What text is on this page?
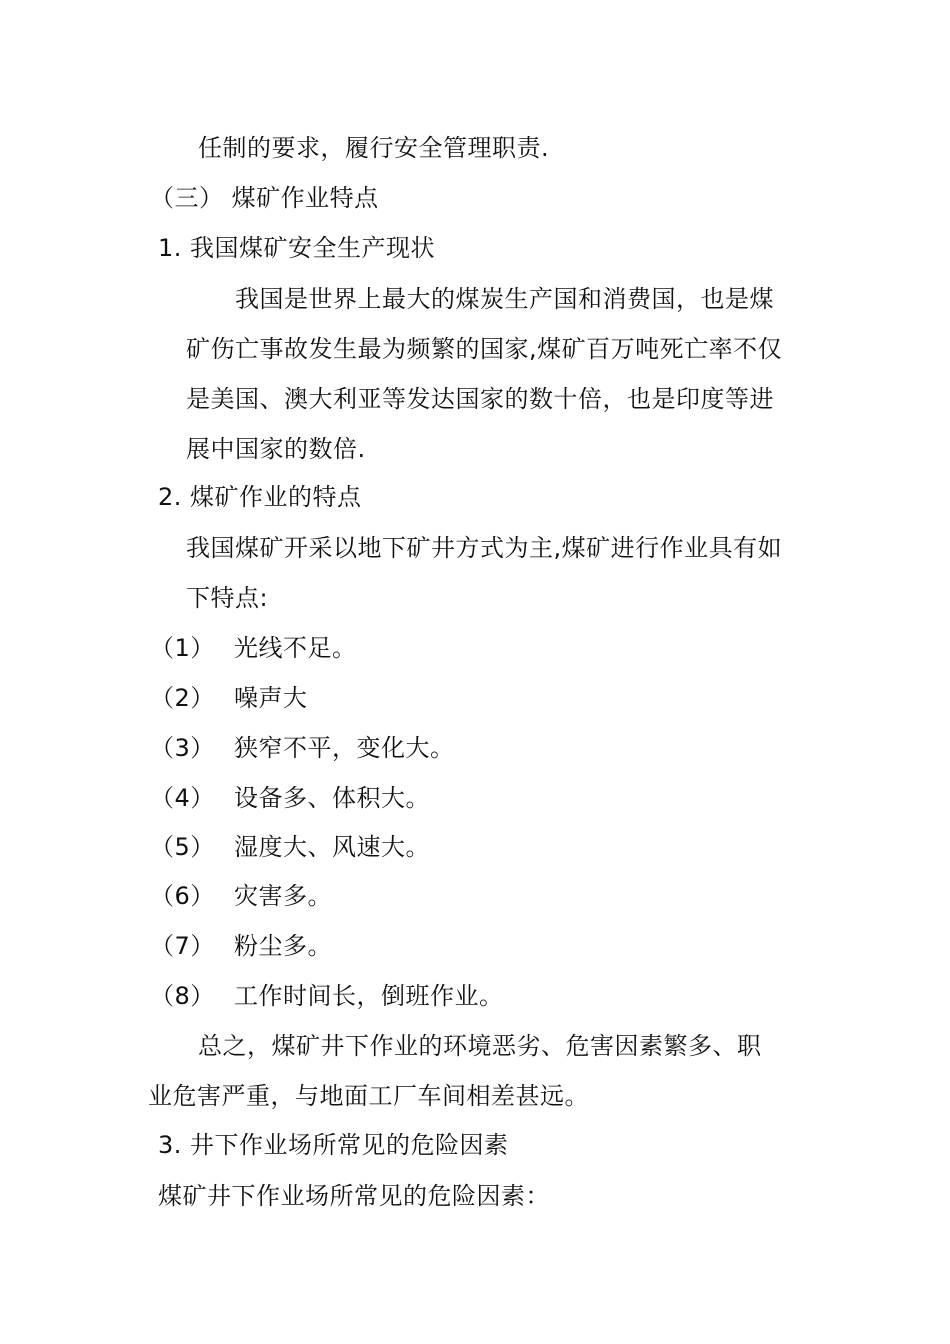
任制的要求，履行安全管理职责.
（三） 煤矿作业特点
1. 我国煤矿安全生产现状
我国是世界上最大的煤炭生产国和消费国，也是煤
矿伤亡事故发生最为频繁的国家,煤矿百万吨死亡率不仅
是美国、澳大利亚等发达国家的数十倍，也是印度等进
展中国家的数倍.
2. 煤矿作业的特点
我国煤矿开采以地下矿井方式为主,煤矿进行作业具有如
下特点:
（1） 光线不足。
（2） 噪声大
（3） 狭窄不平，变化大。
（4） 设备多、体积大。
（5） 湿度大、风速大。
（6） 灾害多。
（7） 粉尘多。
（8） 工作时间长，倒班作业。
总之，煤矿井下作业的环境恶劣、危害因素繁多、职
业危害严重，与地面工厂车间相差甚远。
3. 井下作业场所常见的危险因素
煤矿井下作业场所常见的危险因素：
